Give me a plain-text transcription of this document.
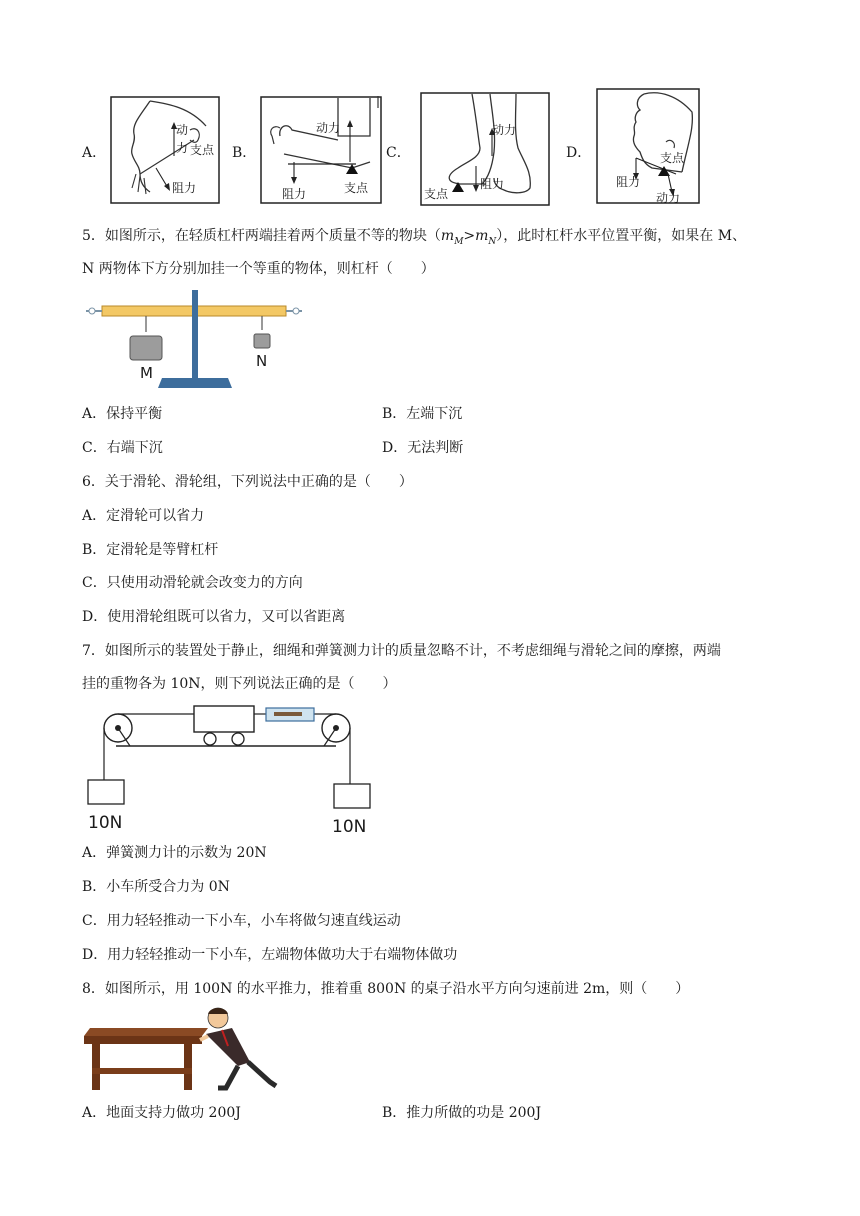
A．
动
力 支点
阻力
B．
动力
阻力	支点
C．
动力
阻力
支点
D．	支点
阻力
动力
5．如图所示，在轻质杠杆两端挂着两个质量不等的物块$(m_M>m_N)$，此时杠杆水平位置平衡，如果在 M、
N 两物体下方分别加挂一个等重的物体，则杠杆（　　）
M
N
A．保持平衡	B．左端下沉
C．右端下沉	D．无法判断
6．关于滑轮、滑轮组，下列说法中正确的是（　　）
A．定滑轮可以省力
B．定滑轮是等臂杠杆
C．只使用动滑轮就会改变力的方向
D．使用滑轮组既可以省力，又可以省距离
7．如图所示的装置处于静止，细绳和弹簧测力计的质量忽略不计，不考虑细绳与滑轮之间的摩擦，两端
挂的重物各为 10N，则下列说法正确的是（　　）
10N	10N
A．弹簧测力计的示数为 20N
B．小车所受合力为 0N
C．用力轻轻推动一下小车，小车将做匀速直线运动
D．用力轻轻推动一下小车，左端物体做功大于右端物体做功
8．如图所示，用 100N 的水平推力，推着重 800N 的桌子沿水平方向匀速前进 2m，则（　　）
A．地面支持力做功 200J	B．推力所做的功是 200J
